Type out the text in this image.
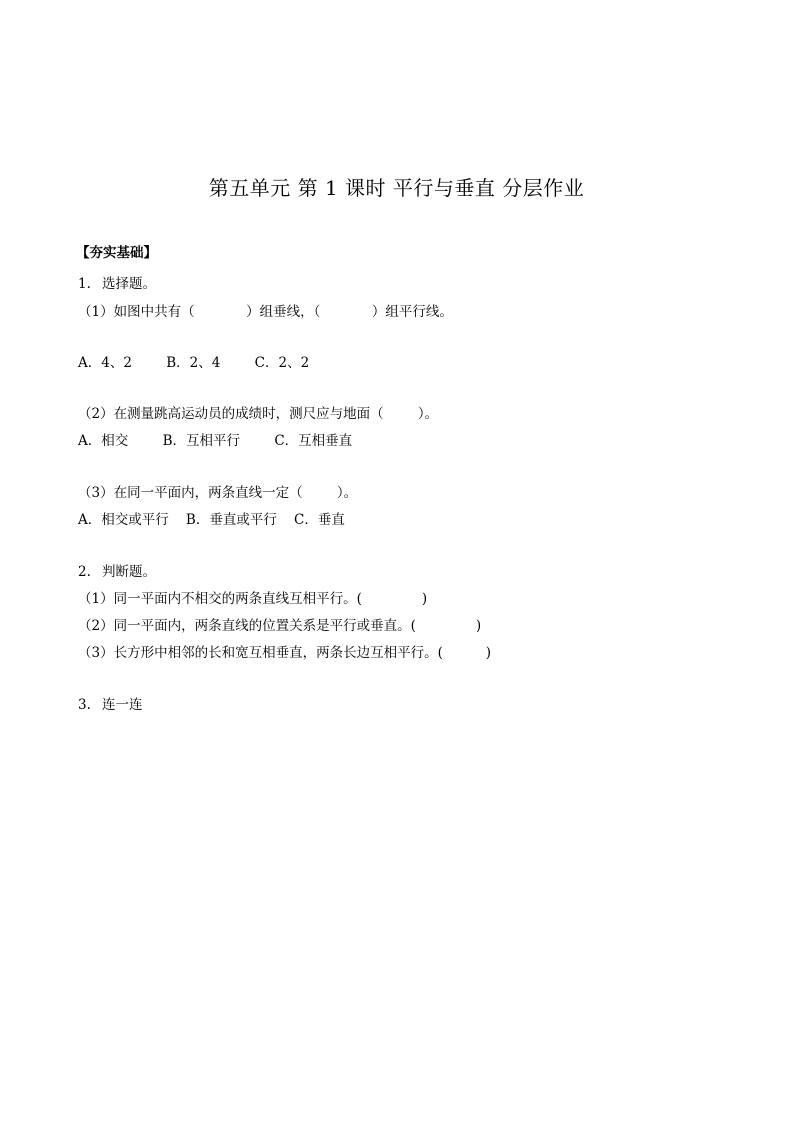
第五单元 第 1 课时 平行与垂直 分层作业
【夯实基础】
1. 选择题。
（1）如图中共有（            ）组垂线，（            ）组平行线。
A．4、2        B．2、4        C．2、2
（2）在测量跳高运动员的成绩时，测尺应与地面（        ）。
A．相交        B．互相平行        C．互相垂直
（3）在同一平面内，两条直线一定（        ）。
A．相交或平行    B．垂直或平行    C．垂直
2. 判断题。
（1）同一平面内不相交的两条直线互相平行。(              )
（2）同一平面内，两条直线的位置关系是平行或垂直。(              )
（3）长方形中相邻的长和宽互相垂直，两条长边互相平行。(          )
3. 连一连
